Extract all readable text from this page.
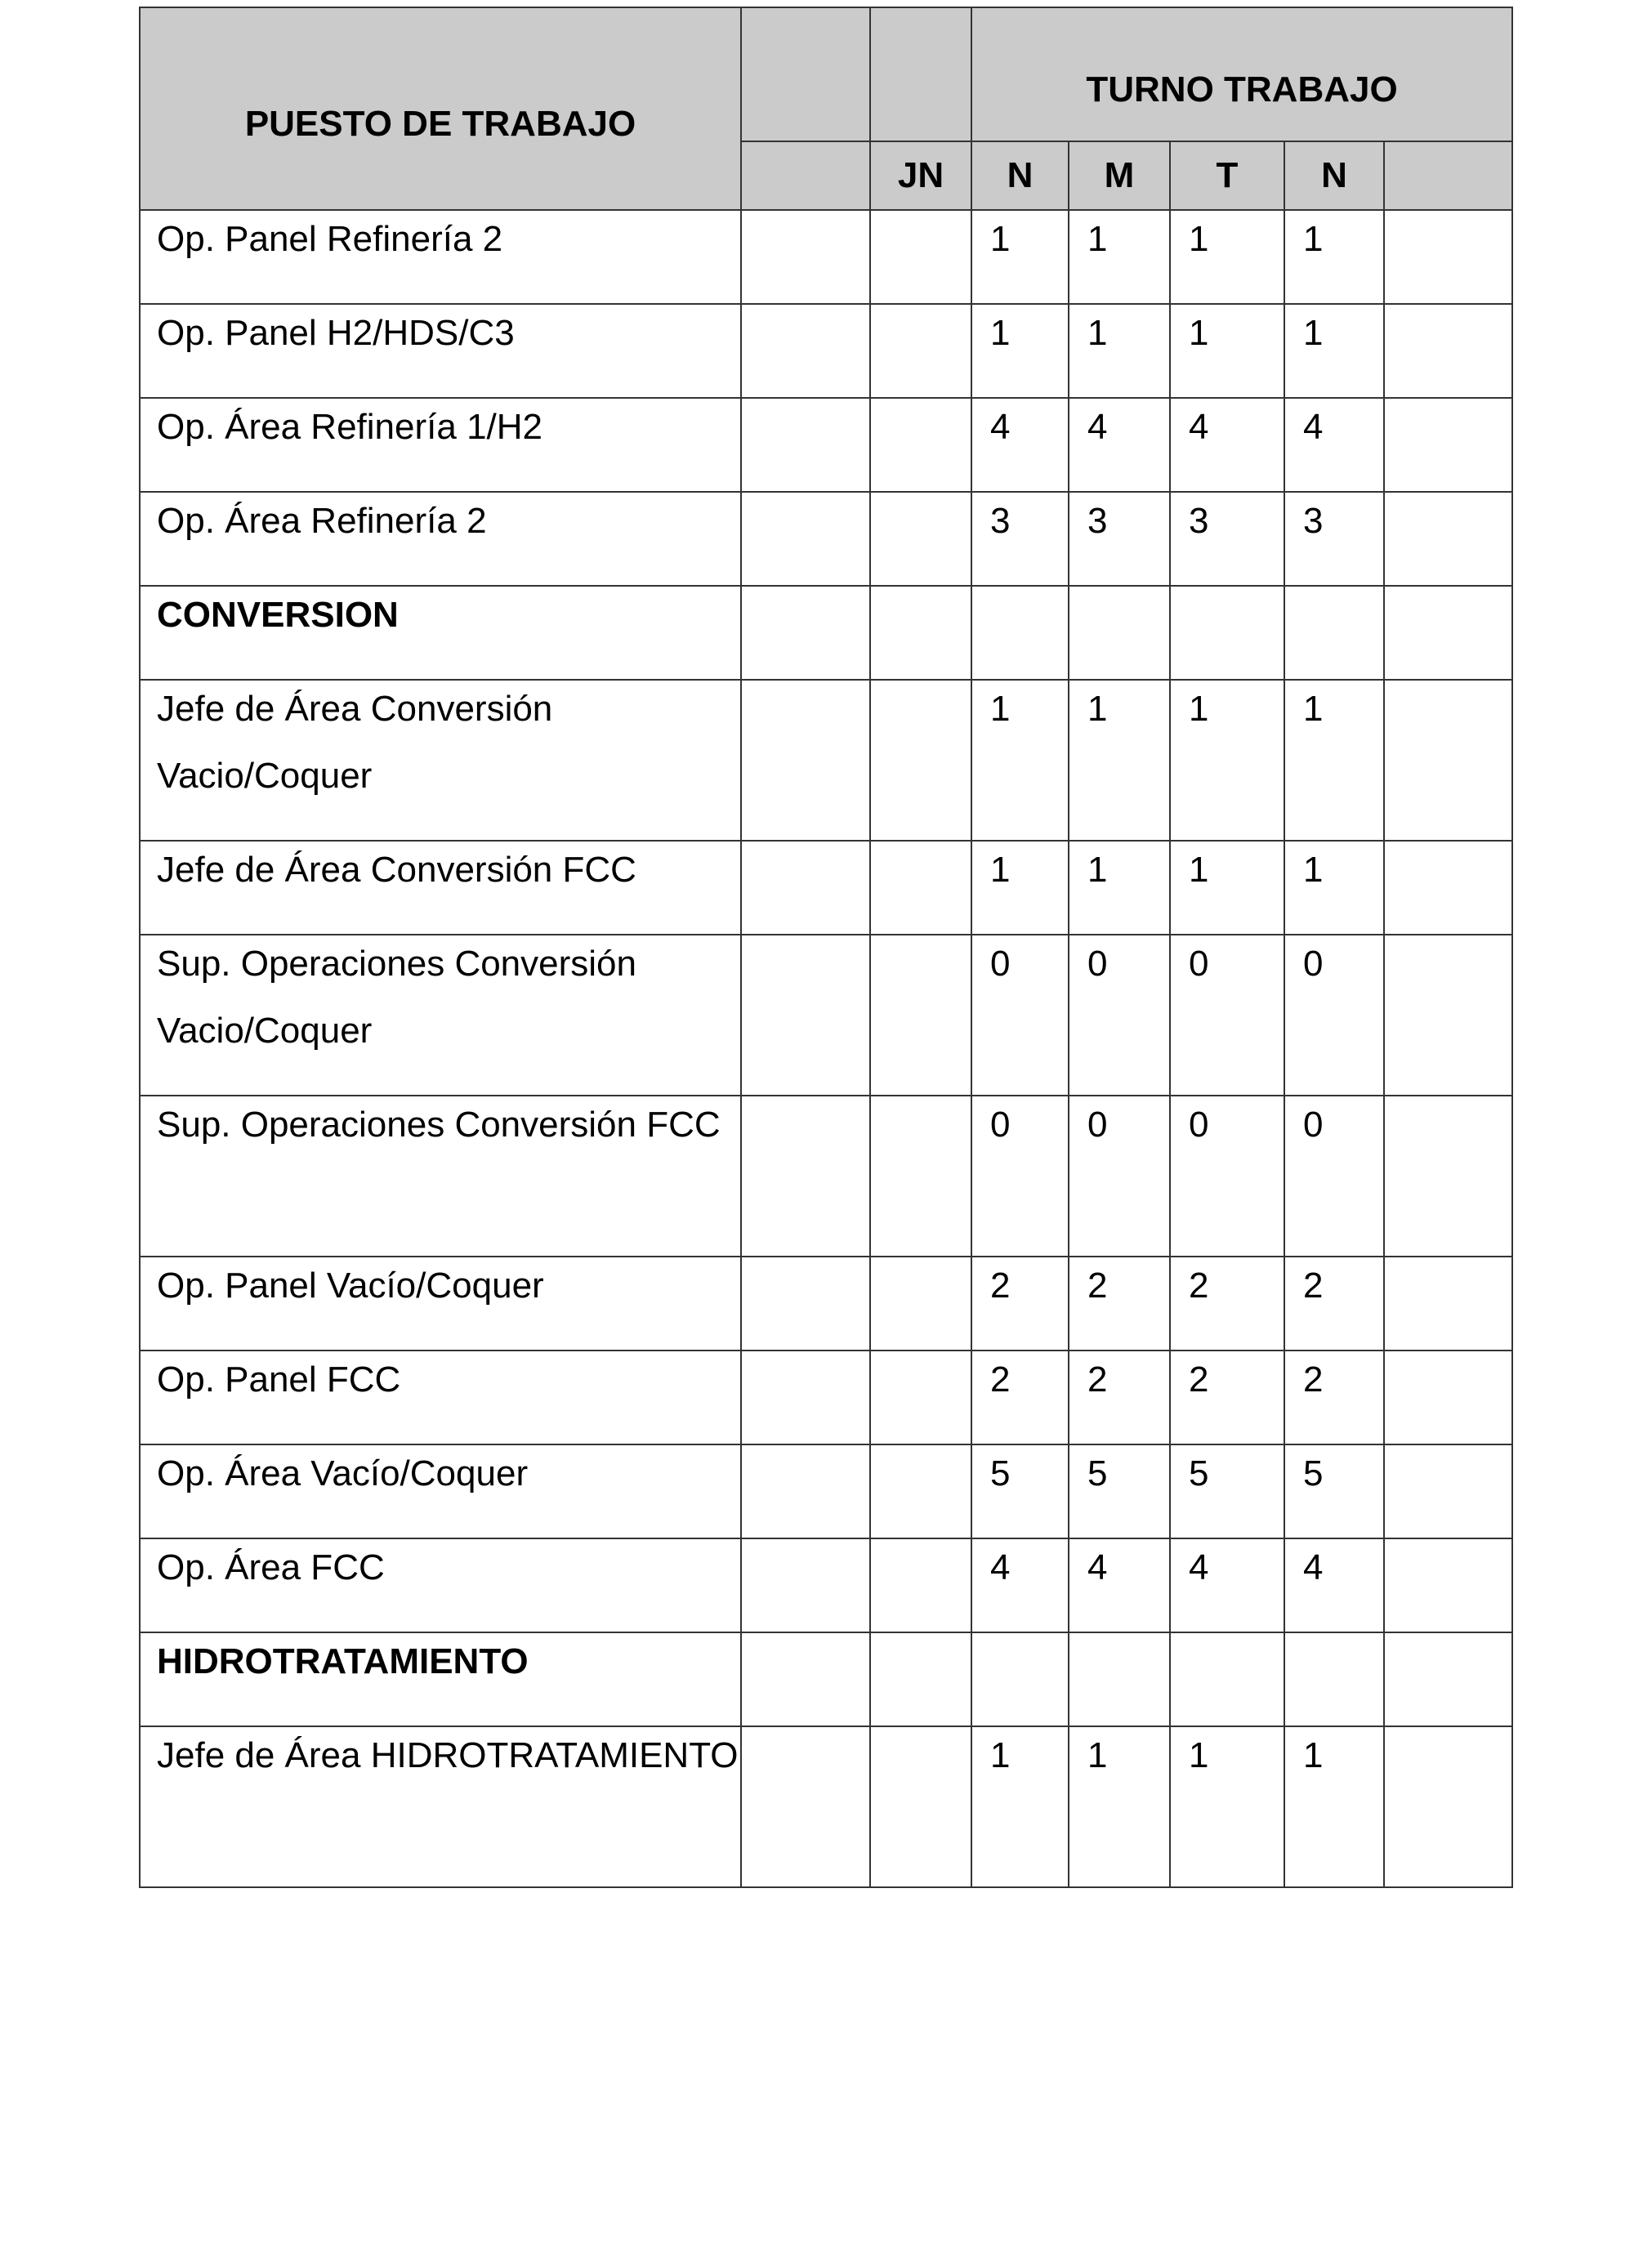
PUESTO DE TRABAJO			TURNO TRABAJO				

		JN	N	M	T	N	

Op. Panel Refinería 2			1	1	1	1	

Op. Panel H2/HDS/C3			1	1	1	1	

Op. Área Refinería 1/H2			4	4	4	4	

Op. Área Refinería 2			3	3	3	3	

CONVERSION							

Jefe de Área Conversión Vacio/Coquer			1	1	1	1	

Jefe de Área Conversión FCC			1	1	1	1	

Sup. Operaciones Conversión Vacio/Coquer			0	0	0	0	

Sup. Operaciones Conversión FCC			0	0	0	0	

Op. Panel Vacío/Coquer			2	2	2	2	

Op. Panel FCC			2	2	2	2	

Op. Área Vacío/Coquer			5	5	5	5	

Op. Área FCC			4	4	4	4	

HIDROTRATAMIENTO							

Jefe de Área HIDROTRATAMIENTO			1	1	1	1	
